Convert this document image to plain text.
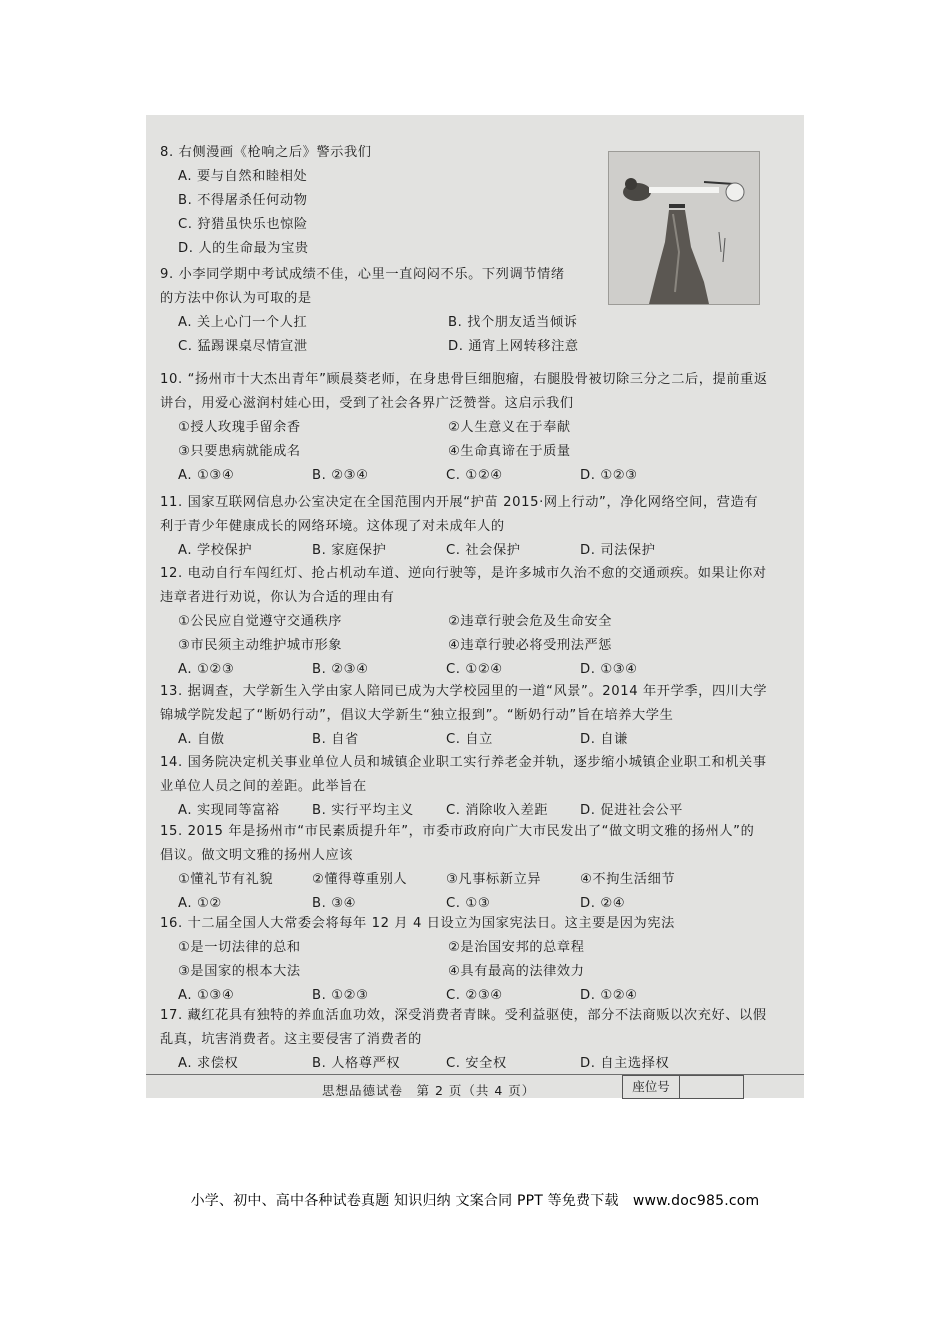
8. 右侧漫画《枪响之后》警示我们
A. 要与自然和睦相处
B. 不得屠杀任何动物
C. 狩猎虽快乐也惊险
D. 人的生命最为宝贵
9. 小李同学期中考试成绩不佳，心里一直闷闷不乐。下列调节情绪的方法中你认为可取的是
A. 关上心门一个人扛	B. 找个朋友适当倾诉
C. 猛踢课桌尽情宣泄	D. 通宵上网转移注意
10. “扬州市十大杰出青年”顾晨葵老师，在身患骨巨细胞瘤，右腿股骨被切除三分之二后，提前重返讲台，用爱心滋润村娃心田，受到了社会各界广泛赞誉。这启示我们
①授人玫瑰手留余香	②人生意义在于奉献
③只要患病就能成名	④生命真谛在于质量
A. ①③④	B. ②③④	C. ①②④	D. ①②③
11. 国家互联网信息办公室决定在全国范围内开展“护苗 2015·网上行动”，净化网络空间，营造有利于青少年健康成长的网络环境。这体现了对未成年人的
A. 学校保护	B. 家庭保护	C. 社会保护	D. 司法保护
12. 电动自行车闯红灯、抢占机动车道、逆向行驶等，是许多城市久治不愈的交通顽疾。如果让你对违章者进行劝说，你认为合适的理由有
①公民应自觉遵守交通秩序	②违章行驶会危及生命安全
③市民须主动维护城市形象	④违章行驶必将受刑法严惩
A. ①②③	B. ②③④	C. ①②④	D. ①③④
13. 据调查，大学新生入学由家人陪同已成为大学校园里的一道“风景”。2014 年开学季，四川大学锦城学院发起了“断奶行动”，倡议大学新生“独立报到”。“断奶行动”旨在培养大学生
A. 自傲	B. 自省	C. 自立	D. 自谦
14. 国务院决定机关事业单位人员和城镇企业职工实行养老金并轨，逐步缩小城镇企业职工和机关事业单位人员之间的差距。此举旨在
A. 实现同等富裕	B. 实行平均主义	C. 消除收入差距	D. 促进社会公平
15. 2015 年是扬州市“市民素质提升年”，市委市政府向广大市民发出了“做文明文雅的扬州人”的倡议。做文明文雅的扬州人应该
①懂礼节有礼貌	②懂得尊重别人	③凡事标新立异	④不拘生活细节
A. ①②	B. ③④	C. ①③	D. ②④
16. 十二届全国人大常委会将每年 12 月 4 日设立为国家宪法日。这主要是因为宪法
①是一切法律的总和	②是治国安邦的总章程
③是国家的根本大法	④具有最高的法律效力
A. ①③④	B. ①②③	C. ②③④	D. ①②④
17. 藏红花具有独特的养血活血功效，深受消费者青睐。受利益驱使，部分不法商贩以次充好、以假乱真，坑害消费者。这主要侵害了消费者的
A. 求偿权	B. 人格尊严权	C. 安全权	D. 自主选择权
思想品德试卷　第 2 页（共 4 页）	座位号
小学、初中、高中各种试卷真题 知识归纳 文案合同 PPT 等免费下载　www.doc985.com
